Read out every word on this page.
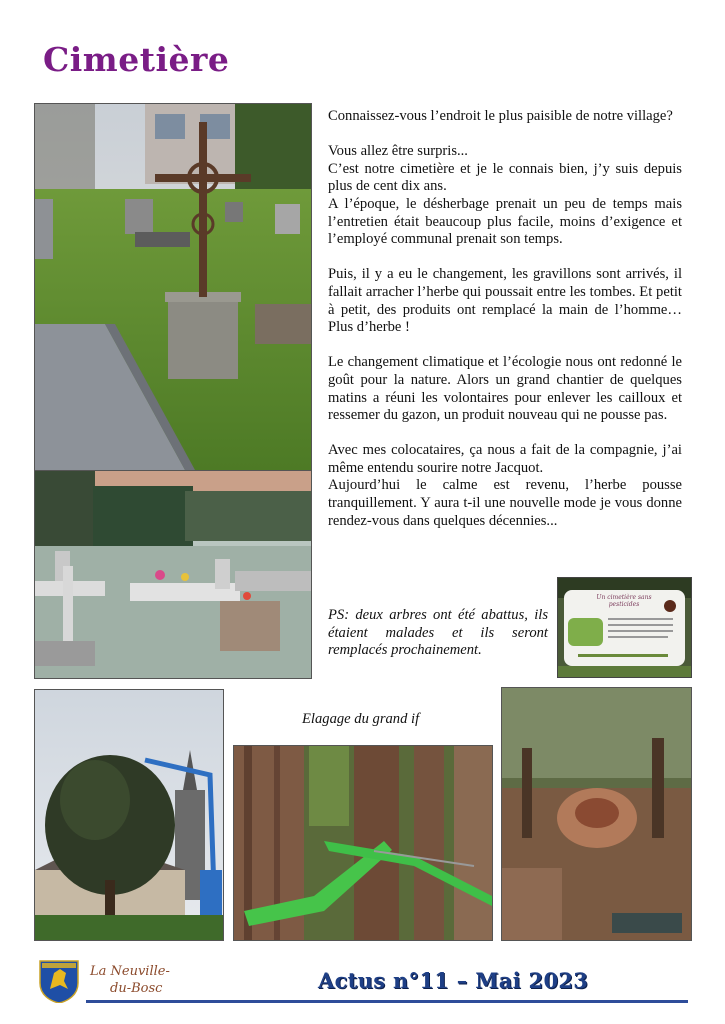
Cimetière

Connaissez-vous l’endroit le plus paisible de notre village?

Vous allez être surpris...
C’est notre cimetière et je le connais bien, j’y suis depuis plus de cent dix ans.
A l’époque, le désherbage prenait un peu de temps mais l’entretien était beaucoup plus facile, moins d’exigence et l’employé communal prenait son temps.

Puis, il y a eu le changement, les gravillons sont arrivés, il fallait arracher l’herbe qui poussait entre les tombes. Et petit à petit, des produits ont remplacé la main de l’homme… Plus d’herbe !

Le changement climatique et l’écologie nous ont redonné le goût pour la nature. Alors un grand chantier de quelques matins a réuni les volontaires pour enlever les cailloux et ressemer du gazon, un produit nouveau qui ne pousse pas.

Avec mes colocataires, ça nous a fait de la compagnie, j’ai même entendu sourire notre Jacquot.
Aujourd’hui le calme est revenu, l’herbe pousse tranquillement. Y aura t-il une nouvelle mode je vous donne rendez-vous dans quelques décennies...

PS: deux arbres ont été abattus, ils étaient malades et ils seront remplacés prochainement.
Un cimetière sans pesticides
Elagage du grand if
La Neuville-
du-Bosc	Actus n°11 – Mai 2023
